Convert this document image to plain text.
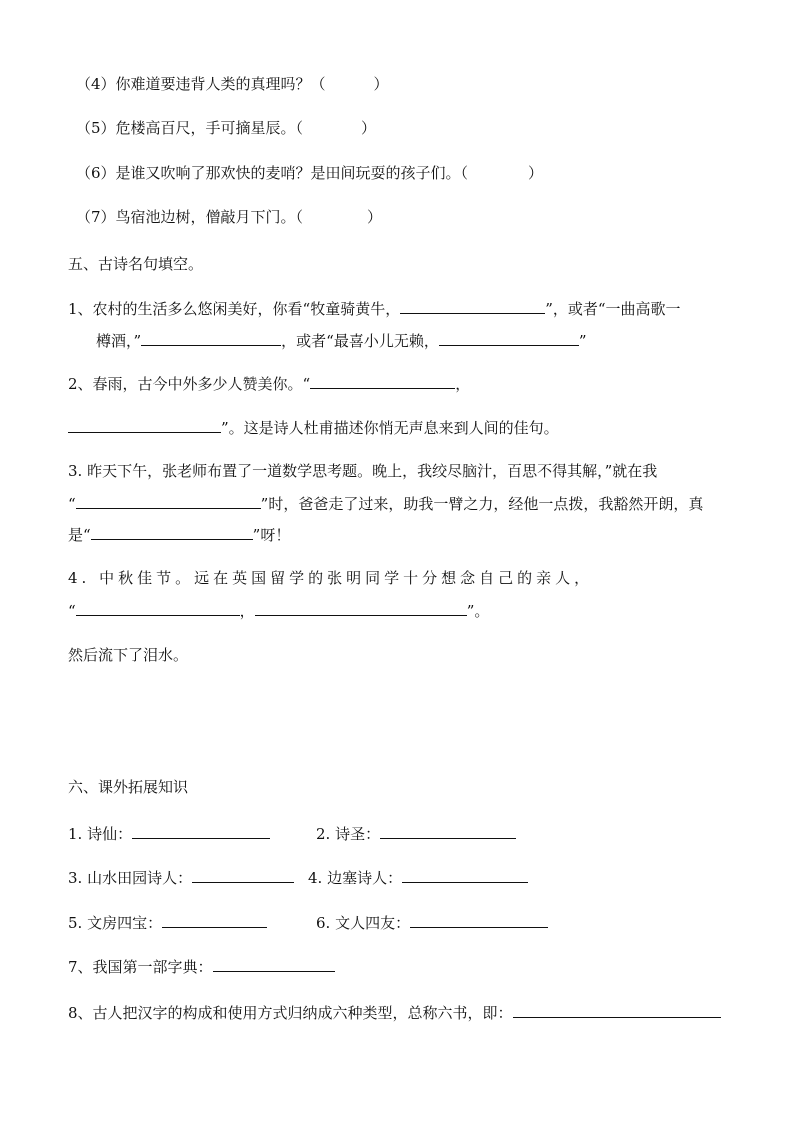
（4）你难道要违背人类的真理吗？（	）
（5）危楼高百尺，手可摘星辰。（	）
（6）是谁又吹响了那欢快的麦哨？是田间玩耍的孩子们。（	）
（7）鸟宿池边树，僧敲月下门。（	）
五、古诗名句填空。
1、农村的生活多么悠闲美好，你看“牧童骑黄牛，	”，或者“一曲高歌一
樽酒，”	，或者“最喜小儿无赖，	”
2、春雨，古今中外多少人赞美你。“	，
”。这是诗人杜甫描述你悄无声息来到人间的佳句。
3. 昨天下午，张老师布置了一道数学思考题。晚上，我绞尽脑汁，百思不得其解，”就在我
“	”时，爸爸走了过来，助我一臂之力，经他一点拨，我豁然开朗，真
是“	”呀！
4. 中秋佳节。远在英国留学的张明同学十分想念自己的亲人，
“	，	”。
然后流下了泪水。
六、课外拓展知识
1. 诗仙：	2. 诗圣：
3. 山水田园诗人：	4. 边塞诗人：
5. 文房四宝：	6. 文人四友：
7、我国第一部字典：
8、古人把汉字的构成和使用方式归纳成六种类型，总称六书，即：
